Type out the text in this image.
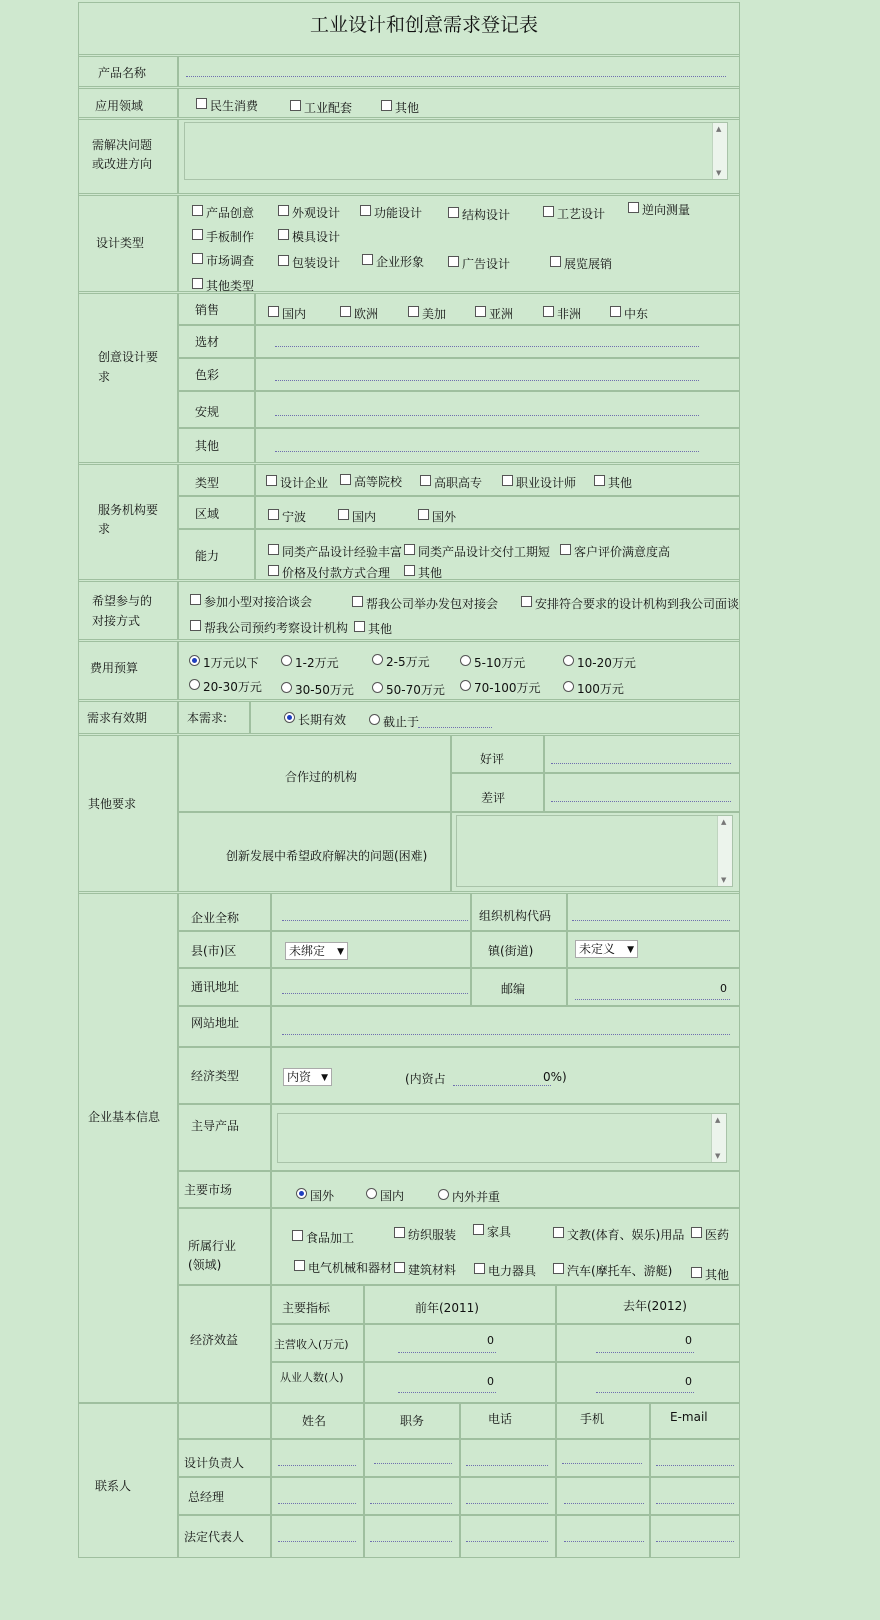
工业设计和创意需求登记表
产品名称
应用领域	民生消费	工业配套	其他
需解决问题
或改进方向
▲ ▼
设计类型
产品创意	外观设计	功能设计	结构设计	工艺设计	逆向测量
手板制作	模具设计
市场调查	包装设计	企业形象	广告设计	展览展销
其他类型
创意设计要
求
销售	国内	欧洲	美加	亚洲	非洲	中东
选材
色彩
安规
其他
服务机构要
求
类型	设计企业 高等院校	高职高专	职业设计师	其他
区域	宁波	国内	国外
能力	同类产品设计经验丰富 同类产品设计交付工期短 客户评价满意度高
价格及付款方式合理 其他
希望参与的
对接方式
参加小型对接洽谈会	帮我公司举办发包对接会	安排符合要求的设计机构到我公司面谈
帮我公司预约考察设计机构 其他
费用预算	1万元以下	1-2万元	2-5万元	5-10万元	10-20万元
20-30万元	30-50万元	50-70万元 70-100万元	100万元
需求有效期	本需求:	长期有效	截止于
其他要求
合作过的机构
好评
差评
创新发展中希望政府解决的问题(困难)
▲ ▼
企业基本信息
企业全称	组织机构代码
县(市)区	未绑定 ▼	镇(街道)	未定义 ▼
通讯地址	邮编	0
网站地址
经济类型	内资 ▼	(内资占	0%)
主导产品
▲ ▼
主要市场	国外	国内	内外并重
所属行业
(领域)
食品加工	纺织服装	家具	文教(体育、娱乐)用品 医药
电气机械和器材 建筑材料	电力器具	汽车(摩托车、游艇)	其他
经济效益
主要指标	前年(2011)	去年(2012)
主营收入(万元)	0	0
从业人数(人)	0	0
联系人
姓名	职务	电话	手机	E-mail
设计负责人
总经理
法定代表人
